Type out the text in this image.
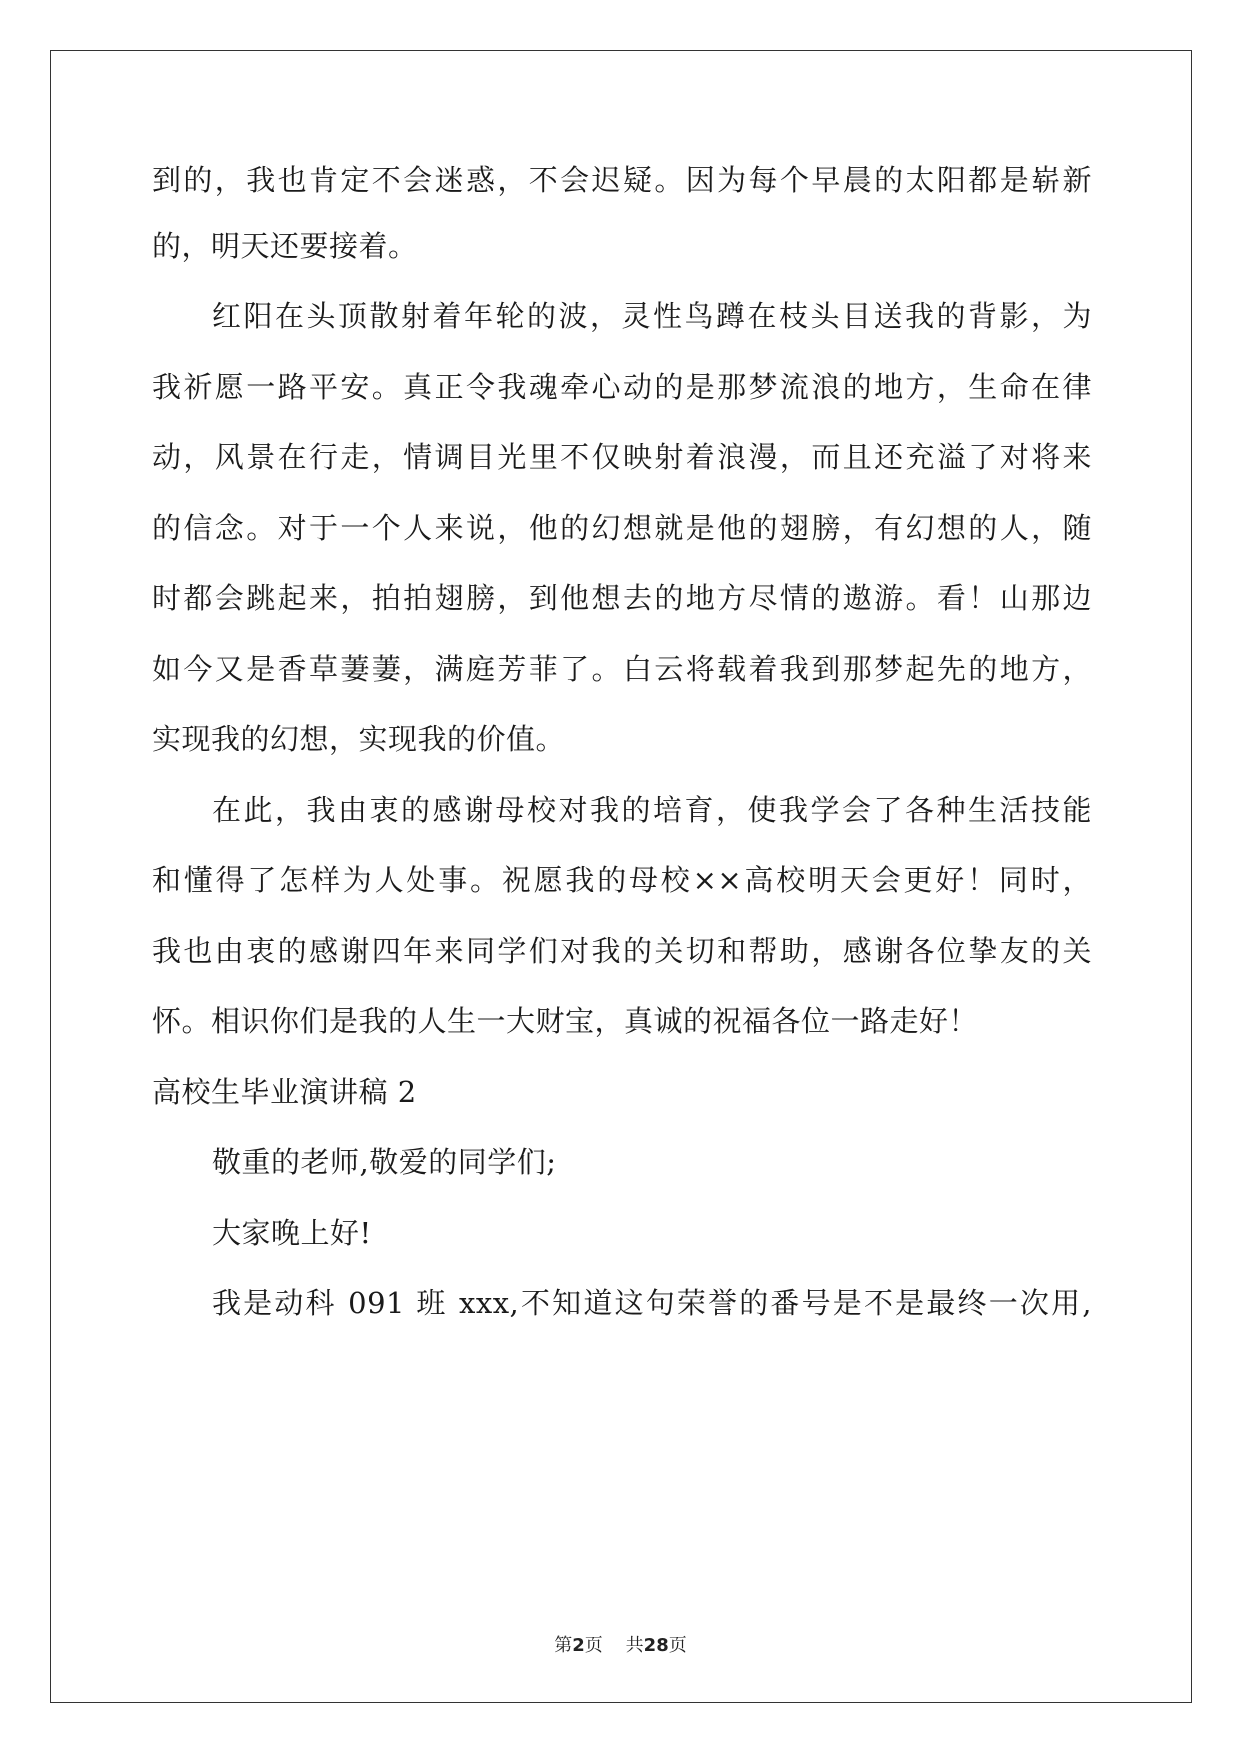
到的，我也肯定不会迷惑，不会迟疑。因为每个早晨的太阳都是崭新
的，明天还要接着。
红阳在头顶散射着年轮的波，灵性鸟蹲在枝头目送我的背影，为
我祈愿一路平安。真正令我魂牵心动的是那梦流浪的地方，生命在律
动，风景在行走，情调目光里不仅映射着浪漫，而且还充溢了对将来
的信念。对于一个人来说，他的幻想就是他的翅膀，有幻想的人，随
时都会跳起来，拍拍翅膀，到他想去的地方尽情的遨游。看！山那边
如今又是香草萋萋，满庭芳菲了。白云将载着我到那梦起先的地方，
实现我的幻想，实现我的价值。
在此，我由衷的感谢母校对我的培育，使我学会了各种生活技能
和懂得了怎样为人处事。祝愿我的母校××高校明天会更好！同时，
我也由衷的感谢四年来同学们对我的关切和帮助，感谢各位挚友的关
怀。相识你们是我的人生一大财宝，真诚的祝福各位一路走好！
高校生毕业演讲稿 2
敬重的老师,敬爱的同学们;
大家晚上好!
我是动科 091 班 xxx,不知道这句荣誉的番号是不是最终一次用,
第2页 共28页
